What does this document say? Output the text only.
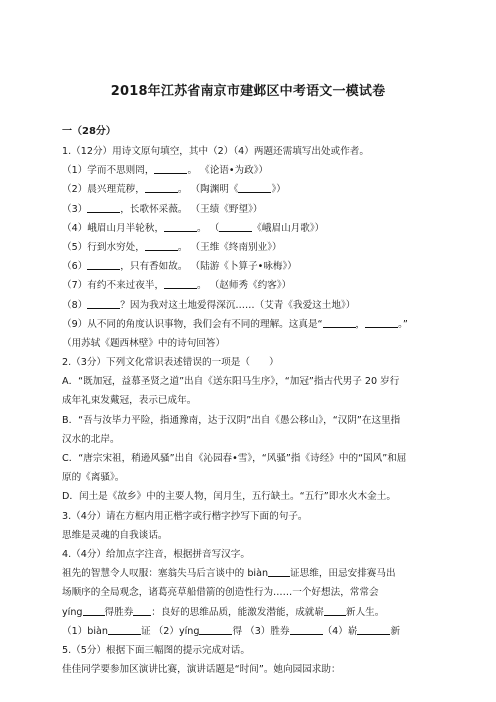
2018年江苏省南京市建邺区中考语文一模试卷
一（28分）
1.（12分）用诗文原句填空，其中（2）（4）两题还需填写出处或作者。
（1）学而不思则罔，	。 《论语•为政》）
（2）晨兴理荒秽，	。 （陶渊明《	》）
（3）	，长歌怀采薇。 （王绩《野望》）
（4）峨眉山月半轮秋，	。 （	《峨眉山月歌》）
（5）行到水穷处，	。 （王维《终南别业》）
（6）	，只有香如故。 （陆游《卜算子•咏梅》）
（7）有约不来过夜半，	。 （赵师秀《约客》）
（8）	？因为我对这土地爱得深沉……（艾青《我爱这土地》）
（9）从不同的角度认识事物，我们会有不同的理解。这真是“	，	。”
（用苏轼《题西林壁》中的诗句回答）
2.（3分）下列文化常识表述错误的一项是（　　）
A．“既加冠，益慕圣贤之道”出自《送东阳马生序》，“加冠”指古代男子 20 岁行
成年礼束发戴冠，表示已成年。
B．“吾与汝毕力平险，指通豫南，达于汉阴”出自《愚公移山》，“汉阴”在这里指
汉水的北岸。
C．“唐宗宋祖，稍逊风骚”出自《沁园春•雪》，“风骚”指《诗经》中的“国风”和屈
原的《离骚》。
D．闰土是《故乡》中的主要人物，闰月生，五行缺土。“五行”即水火木金土。
3.（4分）请在方框内用正楷字或行楷字抄写下面的句子。
思维是灵魂的自我谈话。
4.（4分）给加点字注音，根据拼音写汉字。
祖先的智慧令人叹服：塞翁失马后言谈中的 biàn 证思维，田忌安排赛马出
场顺序的全局观念，诸葛亮草船借箭的创造性行为……一个好想法，常常会
yíng 得胜券 ：良好的思维品质，能激发潜能，成就崭 新人生。
（1）biàn	证 （2）yíng	得 （3）胜券	（4）崭	新
5.（5分）根据下面三幅图的提示完成对话。
佳佳同学要参加区演讲比赛，演讲话题是“时间”。她向园园求助：
